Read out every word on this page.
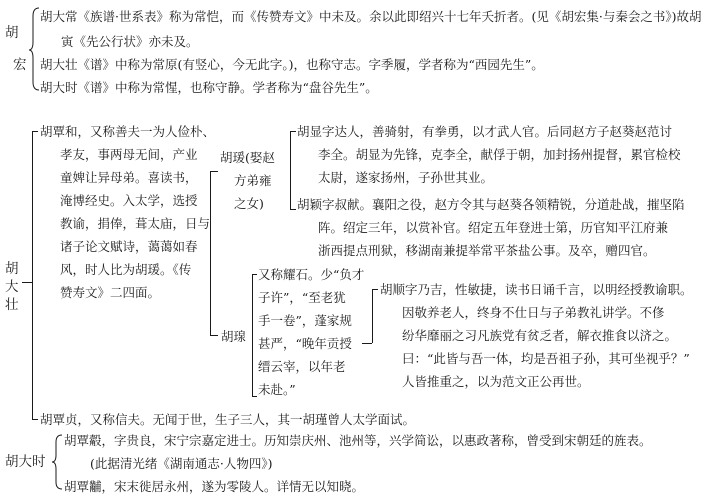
胡
宏
胡大常《族谱·世系表》称为常恺，而《传赞寿文》中未及。余以此即绍兴十七年夭折者。(见《胡宏集·与秦会之书》)故胡
寅《先公行状》亦未及。
胡大壮《谱》中称为常原(有竖心，今无此字。)，也称守志。字季履，学者称为“西园先生”。
胡大时《谱》中称为常惺，也称守静。学者称为“盘谷先生”。
胡
大
壮
胡覃和，又称善夫一为人俭朴、
孝友，事两母无间，产业
童婢让异母弟。喜读书，
淹博经史。入太学，选授
教谕，捐俸，葺太庙，日与
诸子论文赋诗，蔼蔼如春
风，时人比为胡瑗。《传
赞寿文》二四面。
胡瑗(娶赵
方弟雍
之女)
胡显字达人，善骑射，有拳勇，以才武人官。后同赵方子赵葵赵范讨
李全。胡显为先锋，克李全，献俘于朝，加封扬州提督，累官检校
太尉，遂家扬州，子孙世其业。
胡颖字叔献。襄阳之役，赵方令其与赵葵各领精锐，分道赴战，摧坚陷
阵。绍定三年，以赏补官。绍定五年登进士第，历官知平江府兼
浙西提点刑狱，移湖南兼提举常平茶盐公事。及卒，赠四官。
又称耀石。少“负才
子许”，“至老犹
手一卷”，蓬家规
甚严，“晚年贡授
缙云宰，以年老
未赴。”
胡瑔
胡顺字乃吉，性敏捷，读书日诵千言，以明经授教谕职。
因敬养老人，终身不仕日与子弟教礼讲学。不俢
纷华靡丽之习凡族党有贫乏者，解衣推食以济之。
曰：“此皆与吾一体，均是吾祖子孙，其可坐视乎？”
人皆推重之，以为范文正公再世。
胡覃贞，又称信夫。无闻于世，生子三人，其一胡瑾曾人太学面试。
胡大时
胡覃觳，字贵良，宋宁宗嘉定进士。历知崇庆州、池州等，兴学简讼，以惠政著称，曾受到宋朝廷的旌表。
(此据清光绪《湖南通志·人物四》)
胡覃黼，宋末徙居永州，遂为零陵人。详情无以知晓。
